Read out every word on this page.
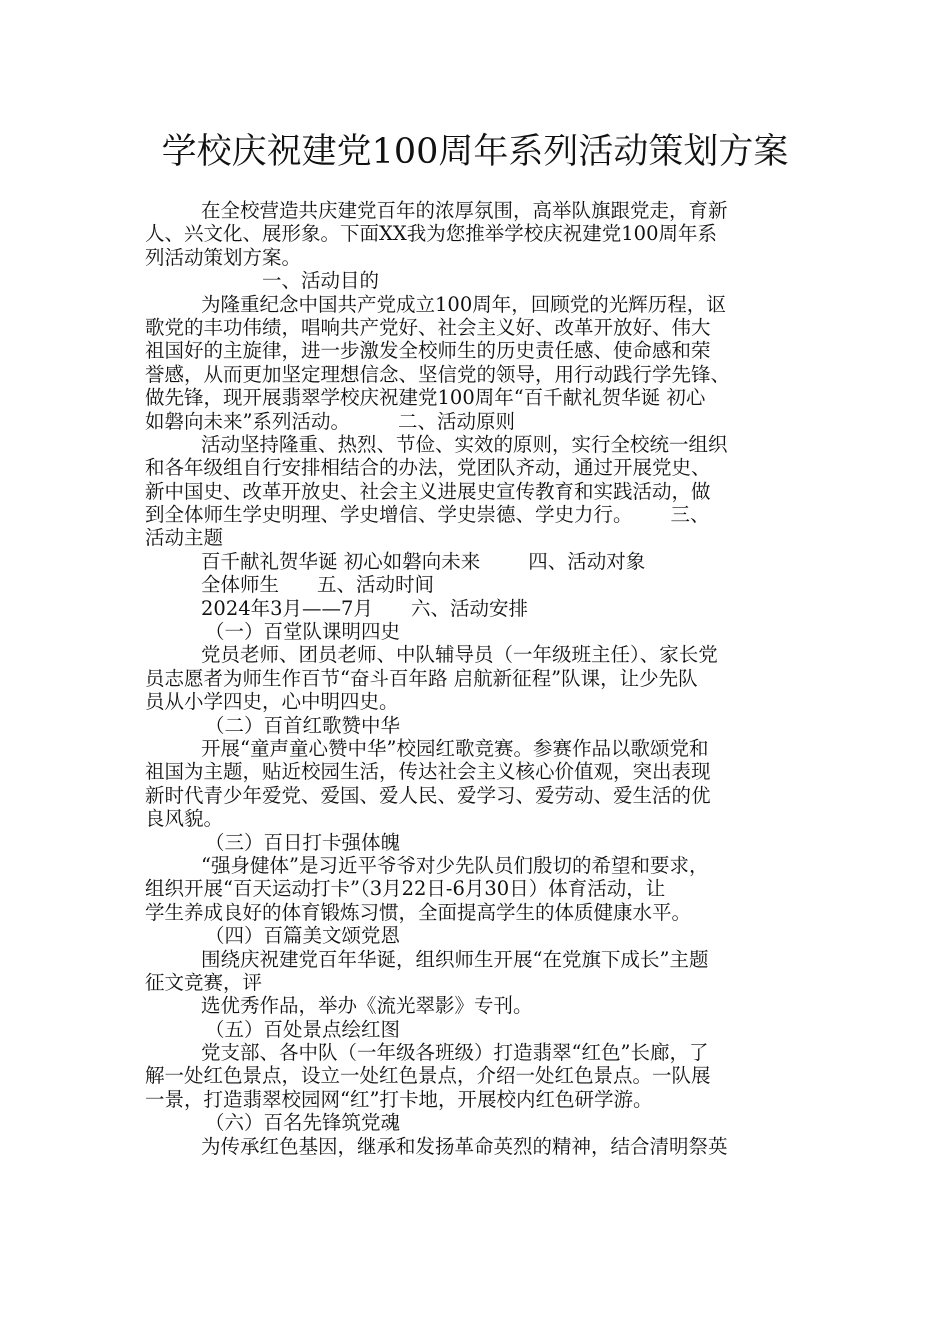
学校庆祝建党100周年系列活动策划方案
在全校营造共庆建党百年的浓厚氛围，高举队旗跟党走，育新
人、兴文化、展形象。下面XX我为您推举学校庆祝建党100周年系
列活动策划方案。
一、活动目的
为隆重纪念中国共产党成立100周年，回顾党的光辉历程，讴
歌党的丰功伟绩，唱响共产党好、社会主义好、改革开放好、伟大
祖国好的主旋律，进一步激发全校师生的历史责任感、使命感和荣
誉感，从而更加坚定理想信念、坚信党的领导，用行动践行学先锋、
做先锋，现开展翡翠学校庆祝建党100周年“百千献礼贺华诞 初心
如磐向未来”系列活动。 二、活动原则
活动坚持隆重、热烈、节俭、实效的原则，实行全校统一组织
和各年级组自行安排相结合的办法，党团队齐动，通过开展党史、
新中国史、改革开放史、社会主义进展史宣传教育和实践活动，做
到全体师生学史明理、学史增信、学史崇德、学史力行。 三、
活动主题
百千献礼贺华诞 初心如磐向未来 四、活动对象
全体师生 五、活动时间
2024年3月——7月 六、活动安排
（一）百堂队课明四史
党员老师、团员老师、中队辅导员（一年级班主任）、家长党
员志愿者为师生作百节“奋斗百年路 启航新征程”队课，让少先队
员从小学四史，心中明四史。
（二）百首红歌赞中华
开展“童声童心赞中华”校园红歌竞赛。参赛作品以歌颂党和
祖国为主题，贴近校园生活，传达社会主义核心价值观，突出表现
新时代青少年爱党、爱国、爱人民、爱学习、爱劳动、爱生活的优
良风貌。
（三）百日打卡强体魄
“强身健体”是习近平爷爷对少先队员们殷切的希望和要求，
组织开展“百天运动打卡”（3月22日-6月30日）体育活动，让
学生养成良好的体育锻炼习惯，全面提高学生的体质健康水平。
（四）百篇美文颂党恩
围绕庆祝建党百年华诞，组织师生开展“在党旗下成长”主题
征文竞赛，评
选优秀作品，举办《流光翠影》专刊。
（五）百处景点绘红图
党支部、各中队（一年级各班级）打造翡翠“红色”长廊，了
解一处红色景点，设立一处红色景点，介绍一处红色景点。一队展
一景，打造翡翠校园网“红”打卡地，开展校内红色研学游。
（六）百名先锋筑党魂
为传承红色基因，继承和发扬革命英烈的精神，结合清明祭英
